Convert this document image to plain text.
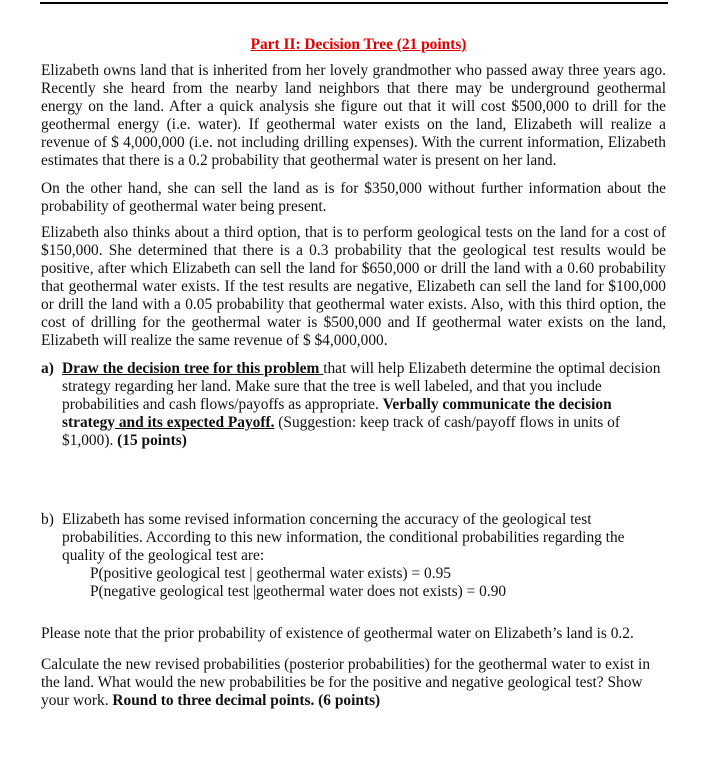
Part II: Decision Tree (21 points)
Elizabeth owns land that is inherited from her lovely grandmother who passed away three years ago. Recently she heard from the nearby land neighbors that there may be underground geothermal energy on the land. After a quick analysis she figure out that it will cost $500,000 to drill for the geothermal energy (i.e. water). If geothermal water exists on the land, Elizabeth will realize a revenue of $ 4,000,000 (i.e. not including drilling expenses). With the current information, Elizabeth estimates that there is a 0.2 probability that geothermal water is present on her land.
On the other hand, she can sell the land as is for $350,000 without further information about the probability of geothermal water being present.
Elizabeth also thinks about a third option, that is to perform geological tests on the land for a cost of $150,000. She determined that there is a 0.3 probability that the geological test results would be positive, after which Elizabeth can sell the land for $650,000 or drill the land with a 0.60 probability that geothermal water exists. If the test results are negative, Elizabeth can sell the land for $100,000 or drill the land with a 0.05 probability that geothermal water exists. Also, with this third option, the cost of drilling for the geothermal water is $500,000 and If geothermal water exists on the land, Elizabeth will realize the same revenue of $ $4,000,000.
a) Draw the decision tree for this problem that will help Elizabeth determine the optimal decision strategy regarding her land. Make sure that the tree is well labeled, and that you include probabilities and cash flows/payoffs as appropriate. Verbally communicate the decision strategy and its expected Payoff. (Suggestion: keep track of cash/payoff flows in units of $1,000). (15 points)
b) Elizabeth has some revised information concerning the accuracy of the geological test probabilities. According to this new information, the conditional probabilities regarding the quality of the geological test are:
P(positive geological test | geothermal water exists) = 0.95
P(negative geological test |geothermal water does not exists) = 0.90
Please note that the prior probability of existence of geothermal water on Elizabeth’s land is 0.2.
Calculate the new revised probabilities (posterior probabilities) for the geothermal water to exist in the land. What would the new probabilities be for the positive and negative geological test? Show your work. Round to three decimal points. (6 points)
